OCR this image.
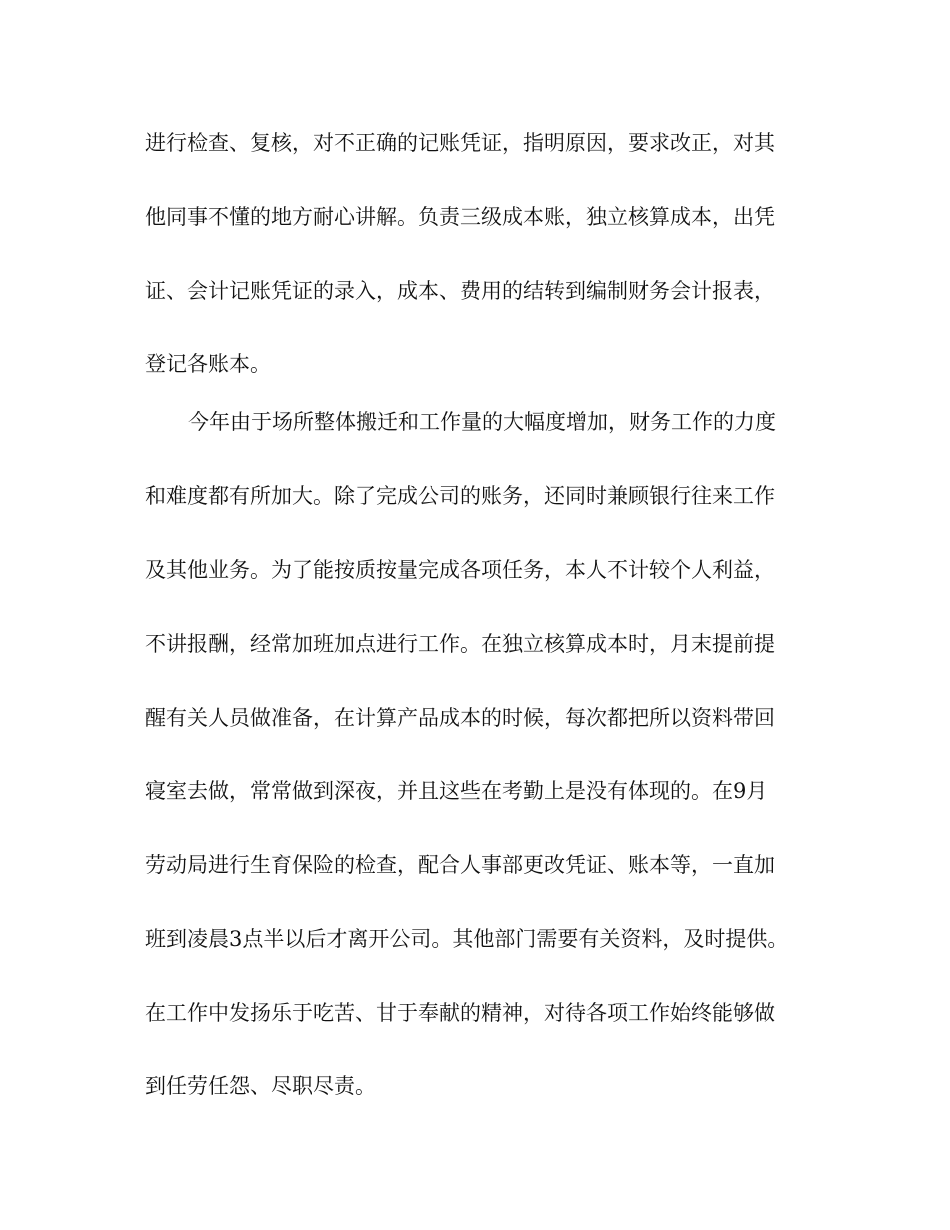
进行检查、复核，对不正确的记账凭证，指明原因，要求改正，对其
他同事不懂的地方耐心讲解。负责三级成本账，独立核算成本，出凭
证、会计记账凭证的录入，成本、费用的结转到编制财务会计报表，
登记各账本。
今年由于场所整体搬迁和工作量的大幅度增加，财务工作的力度
和难度都有所加大。除了完成公司的账务，还同时兼顾银行往来工作
及其他业务。为了能按质按量完成各项任务，本人不计较个人利益，
不讲报酬，经常加班加点进行工作。在独立核算成本时，月末提前提
醒有关人员做准备，在计算产品成本的时候，每次都把所以资料带回
寝室去做，常常做到深夜，并且这些在考勤上是没有体现的。在9月
劳动局进行生育保险的检查，配合人事部更改凭证、账本等，一直加
班到凌晨3点半以后才离开公司。其他部门需要有关资料，及时提供。
在工作中发扬乐于吃苦、甘于奉献的精神，对待各项工作始终能够做
到任劳任怨、尽职尽责。
